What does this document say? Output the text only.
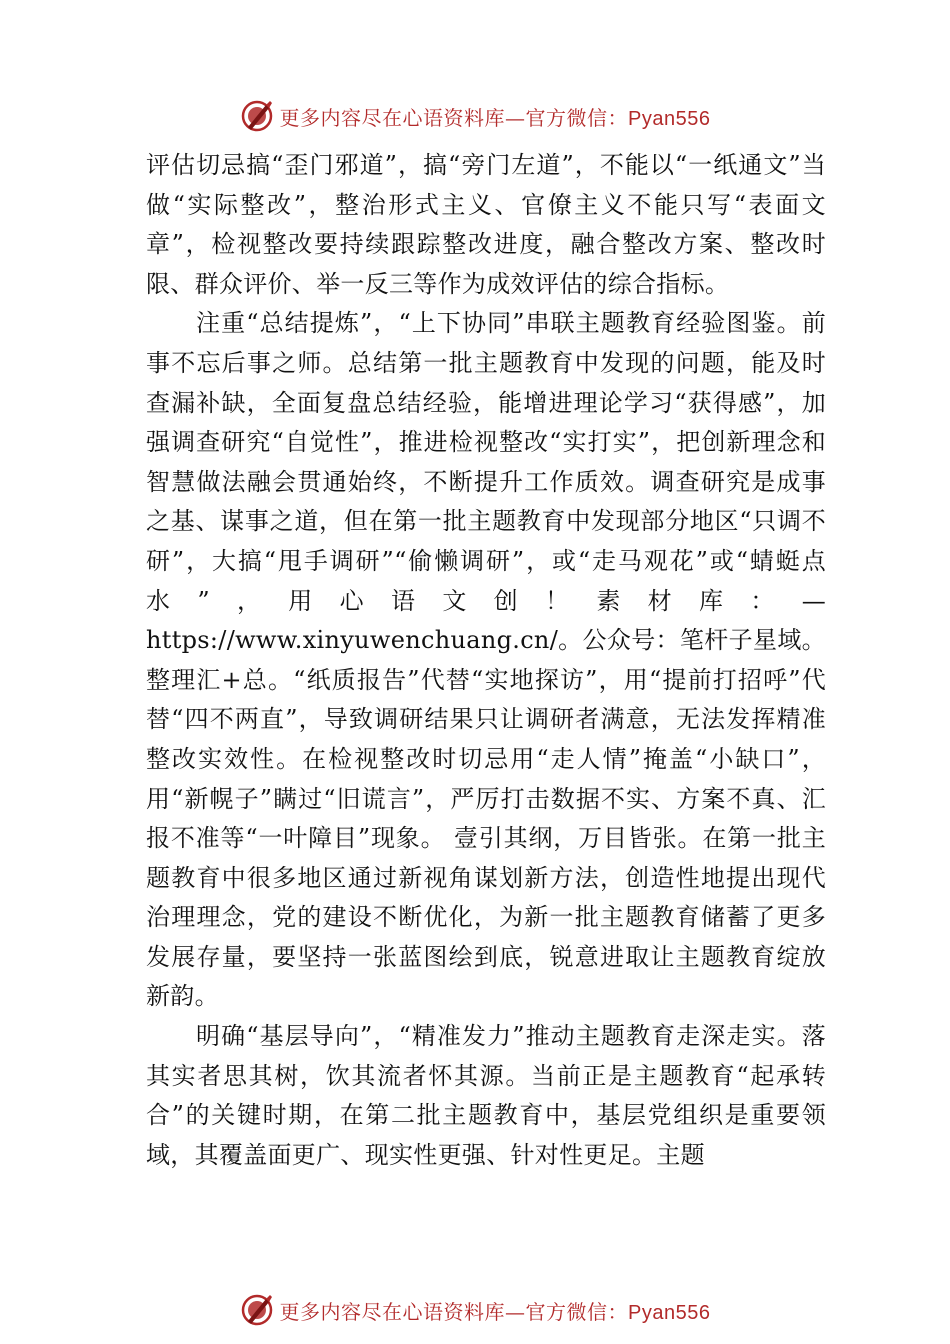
更多内容尽在心语资料库—官方微信：Pyan556

评估切忌搞“歪门邪道”，搞“旁门左道”，不能以“一纸通文”当做“实际整改”，整治形式主义、官僚主义不能只写“表面文章”，检视整改要持续跟踪整改进度，融合整改方案、整改时限、群众评价、举一反三等作为成效评估的综合指标。

注重“总结提炼”，“上下协同”串联主题教育经验图鉴。前事不忘后事之师。总结第一批主题教育中发现的问题，能及时查漏补缺，全面复盘总结经验，能增进理论学习“获得感”，加强调查研究“自觉性”，推进检视整改“实打实”，把创新理念和智慧做法融会贯通始终，不断提升工作质效。调查研究是成事之基、谋事之道，但在第一批主题教育中发现部分地区“只调不研”，大搞“甩手调研”“偷懒调研”，或“走马观花”或“蜻蜓点水”，用心语文创！素材库：—https://www.xinyuwenchuang.cn/。公众号：笔杆子星域。整理汇+总。“纸质报告”代替“实地探访”，用“提前打招呼”代替“四不两直”，导致调研结果只让调研者满意，无法发挥精准整改实效性。在检视整改时切忌用“走人情”掩盖“小缺口”，用“新幌子”瞒过“旧谎言”，严厉打击数据不实、方案不真、汇报不准等“一叶障目”现象。 壹引其纲，万目皆张。在第一批主题教育中很多地区通过新视角谋划新方法，创造性地提出现代治理理念，党的建设不断优化，为新一批主题教育储蓄了更多发展存量，要坚持一张蓝图绘到底，锐意进取让主题教育绽放新韵。

明确“基层导向”，“精准发力”推动主题教育走深走实。落其实者思其树，饮其流者怀其源。当前正是主题教育“起承转合”的关键时期，在第二批主题教育中，基层党组织是重要领域，其覆盖面更广、现实性更强、针对性更足。主题

更多内容尽在心语资料库—官方微信：Pyan556
